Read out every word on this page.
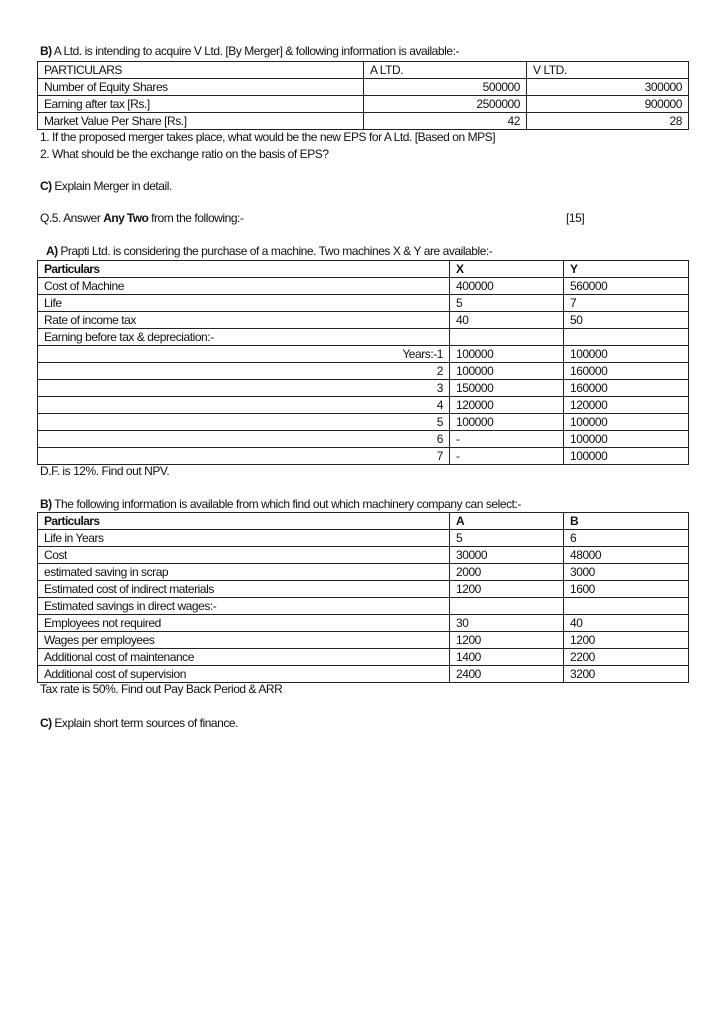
B) A Ltd. is intending to acquire V Ltd. [By Merger] & following information is available:-
PARTICULARS	A LTD.	V LTD.
Number of Equity Shares	500000	300000
Earning after tax [Rs.]	2500000	900000
Market Value Per Share [Rs.]	42	28
1. If the proposed merger takes place, what would be the new EPS for A Ltd. [Based on MPS]
2. What should be the exchange ratio on the basis of EPS?
C) Explain Merger in detail.
Q.5. Answer Any Two from the following:-	[15]
A) Prapti Ltd. is considering the purchase of a machine. Two machines X & Y are available:-
Particulars	X	Y
Cost of Machine	400000	560000
Life	5	7
Rate of income tax	40	50
Earning before tax & depreciation:-		
Years:-1	100000	100000
2	100000	160000
3	150000	160000
4	120000	120000
5	100000	100000
6	-	100000
7	-	100000
D.F. is 12%. Find out NPV.
B) The following information is available from which find out which machinery company can select:-
Particulars	A	B
Life in Years	5	6
Cost	30000	48000
estimated saving in scrap	2000	3000
Estimated cost of indirect materials	1200	1600
Estimated savings in direct wages:-		
Employees not required	30	40
Wages per employees	1200	1200
Additional cost of maintenance	1400	2200
Additional cost of supervision	2400	3200
Tax rate is 50%. Find out Pay Back Period & ARR
C) Explain short term sources of finance.
